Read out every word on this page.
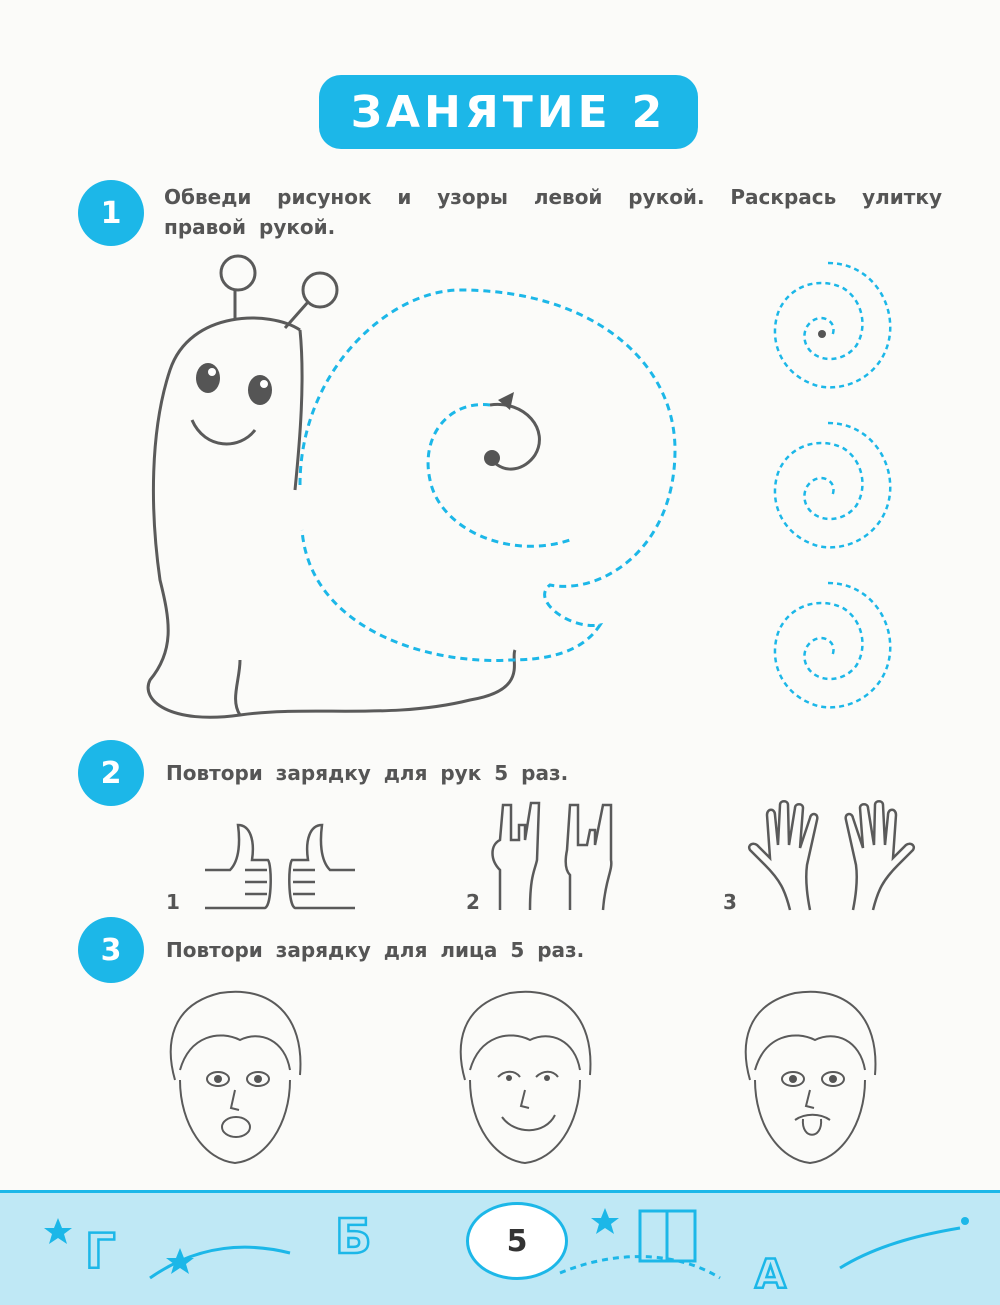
ЗАНЯТИЕ 2
1	Обведи рисунок и узоры левой рукой. Раскрась улитку правой рукой.
2	Повтори зарядку для рук 5 раз.
1	2	3
3	Повтори зарядку для лица 5 раз.
Г	Б
А
5
